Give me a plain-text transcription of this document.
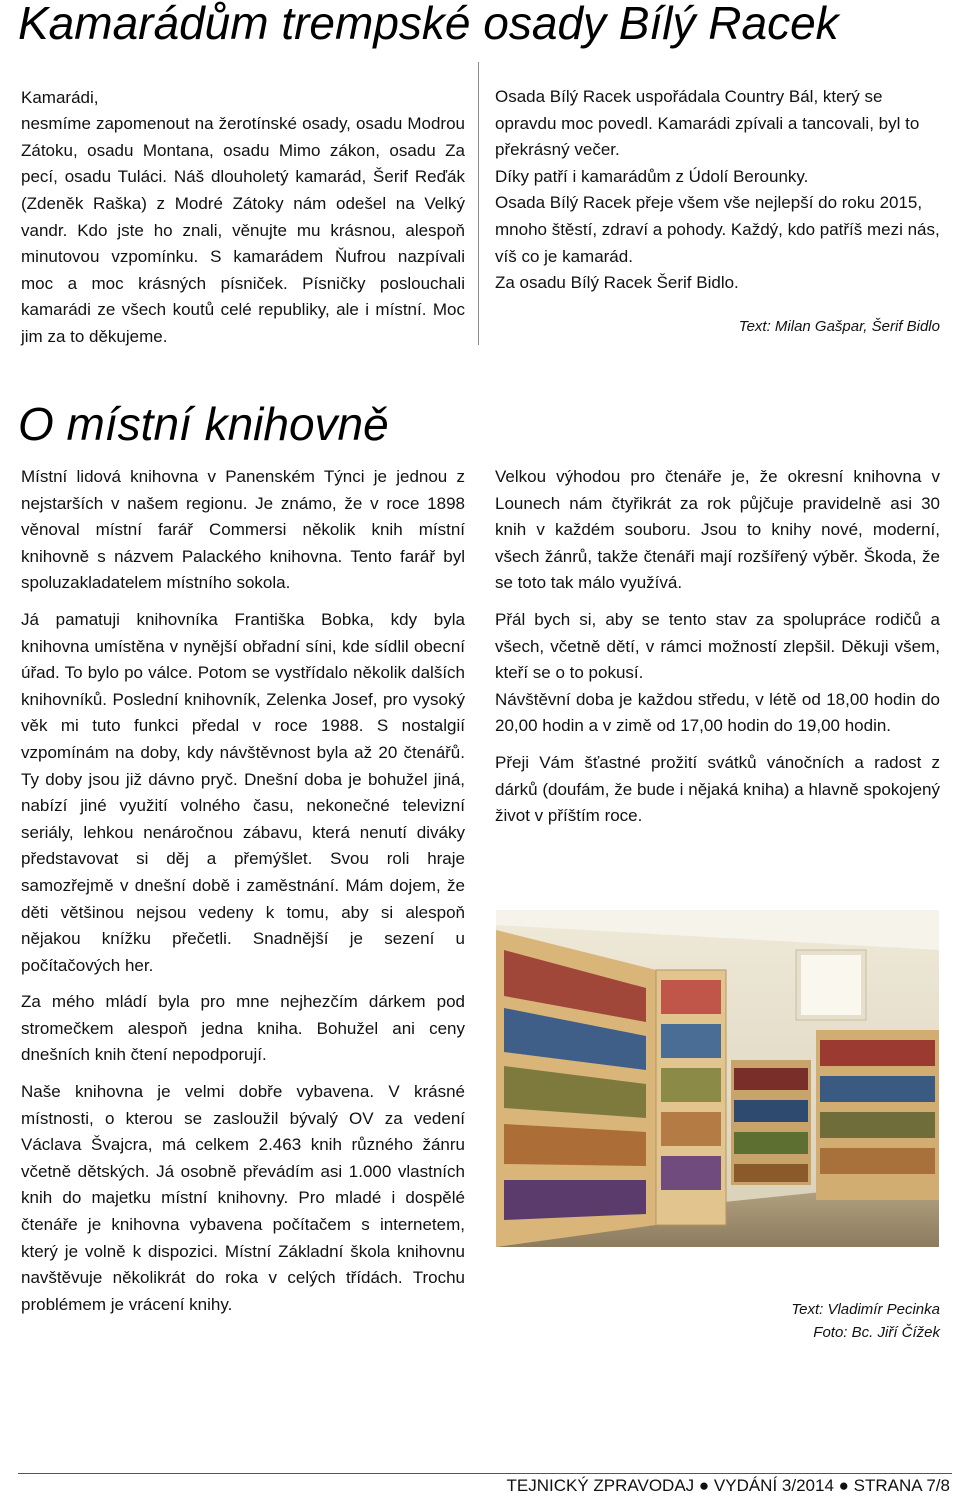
Kamarádům trempské osady Bílý Racek

Kamarádi,
nesmíme zapomenout na žerotínské osady, osadu Modrou Zátoku, osadu Montana, osadu Mimo zákon, osadu Za pecí, osadu Tuláci. Náš dlouholetý kamarád, Šerif Reďák (Zdeněk Raška) z Modré Zátoky nám odešel na Velký vandr. Kdo jste ho znali, věnujte mu krásnou, alespoň minutovou vzpomínku. S kamarádem Ňufrou nazpívali moc a moc krásných písniček. Písničky poslouchali kamarádi ze všech koutů celé republiky, ale i místní. Moc jim za to děkujeme.

Osada Bílý Racek uspořádala Country Bál, který se opravdu moc povedl. Kamarádi zpívali a tancovali, byl to překrásný večer.

Díky patří i kamarádům z Údolí Berounky.

Osada Bílý Racek přeje všem vše nejlepší do roku 2015, mnoho štěstí, zdraví a pohody. Každý, kdo patříš mezi nás, víš co je kamarád.

Za osadu Bílý Racek Šerif Bidlo.

Text: Milan Gašpar, Šerif Bidlo
O místní knihovně

Místní lidová knihovna v Panenském Týnci je jednou z nejstarších v našem regionu. Je známo, že v roce 1898 věnoval místní farář Commersi několik knih místní knihovně s názvem Palackého knihovna. Tento farář byl spoluzakladatelem místního sokola.

Já pamatuji knihovníka Františka Bobka, kdy byla knihovna umístěna v nynější obřadní síni, kde sídlil obecní úřad. To bylo po válce. Potom se vystřídalo několik dalších knihovníků. Poslední knihovník, Zelenka Josef, pro vysoký věk mi tuto funkci předal v roce 1988. S nostalgií vzpomínám na doby, kdy návštěvnost byla až 20 čtenářů. Ty doby jsou již dávno pryč. Dnešní doba je bohužel jiná, nabízí jiné využití volného času, nekonečné televizní seriály, lehkou nenáročnou zábavu, která nenutí diváky představovat si děj a přemýšlet. Svou roli hraje samozřejmě v dnešní době i zaměstnání. Mám dojem, že děti většinou nejsou vedeny k tomu, aby si alespoň nějakou knížku přečetli. Snadnější je sezení u počítačových her.

Za mého mládí byla pro mne nejhezčím dárkem pod stromečkem alespoň jedna kniha. Bohužel ani ceny dnešních knih čtení nepodporují.

Naše knihovna je velmi dobře vybavena. V krásné místnosti, o kterou se zasloužil bývalý OV za vedení Václava Švajcra, má celkem 2.463 knih různého žánru včetně dětských. Já osobně převádím asi 1.000 vlastních knih do majetku místní knihovny. Pro mladé i dospělé čtenáře je knihovna vybavena počítačem s internetem, který je volně k dispozici. Místní Základní škola knihovnu navštěvuje několikrát do roka v celých třídách. Trochu problémem je vrácení knihy.

Velkou výhodou pro čtenáře je, že okresní knihovna v Lounech nám čtyřikrát za rok půjčuje pravidelně asi 30 knih v každém souboru. Jsou to knihy nové, moderní, všech žánrů, takže čtenáři mají rozšířený výběr. Škoda, že se toto tak málo využívá.

Přál bych si, aby se tento stav za spolupráce rodičů a všech, včetně dětí, v rámci možností zlepšil. Děkuji všem, kteří se o to pokusí.

Návštěvní doba je každou středu, v létě od 18,00 hodin do 20,00 hodin a v zimě od 17,00 hodin do 19,00 hodin.

Přeji Vám šťastné prožití svátků vánočních a radost z dárků (doufám, že bude i nějaká kniha) a hlavně spokojený život v příštím roce.

Text: Vladimír Pecinka
Foto: Bc. Jiří Čížek
TEJNICKÝ ZPRAVODAJ ● VYDÁNÍ 3/2014 ● STRANA 7/8
